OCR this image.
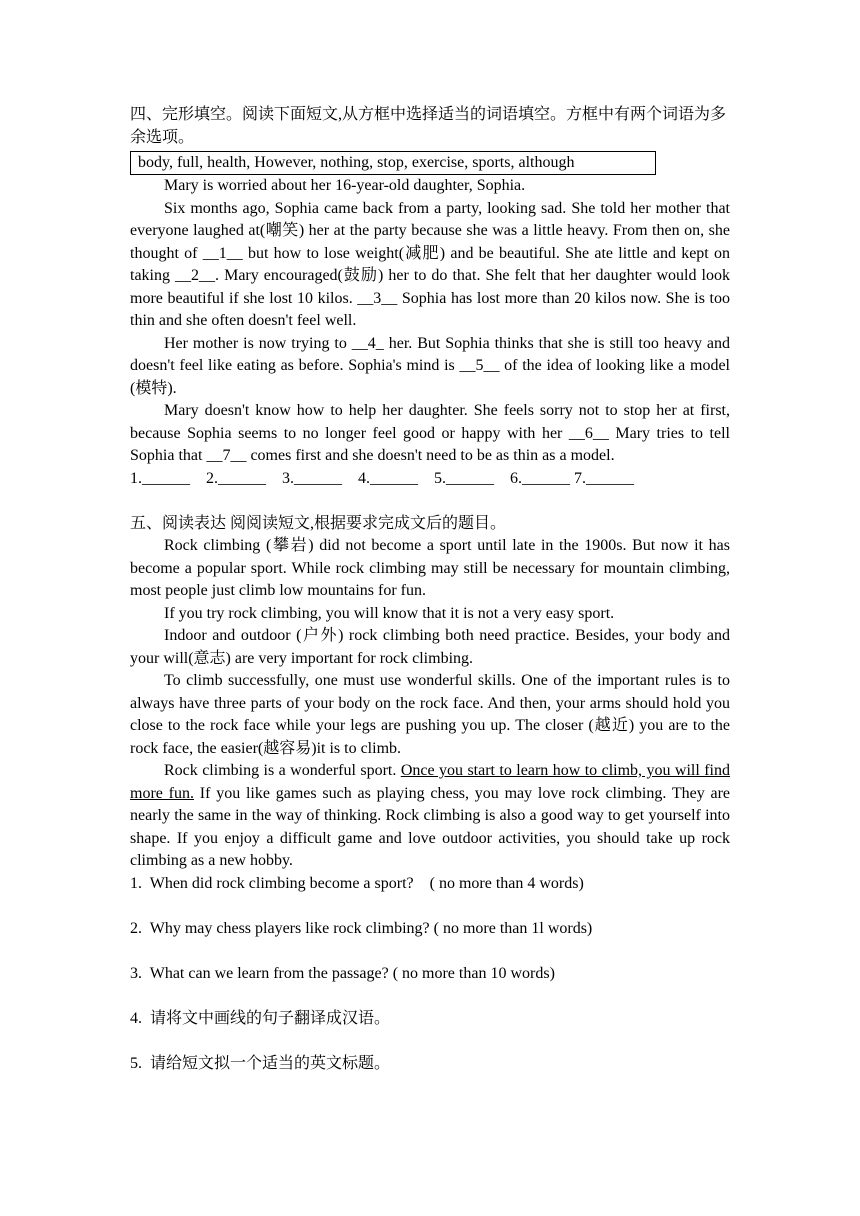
四、完形填空。阅读下面短文,从方框中选择适当的词语填空。方框中有两个词语为多余选项。

body, full, health, However, nothing, stop, exercise, sports, although

Mary is worried about her 16-year-old daughter, Sophia.

Six months ago, Sophia came back from a party, looking sad. She told her mother that everyone laughed at(嘲笑) her at the party because she was a little heavy. From then on, she thought of __1__ but how to lose weight(减肥) and be beautiful. She ate little and kept on taking __2__. Mary encouraged(鼓励) her to do that. She felt that her daughter would look more beautiful if she lost 10 kilos. __3__ Sophia has lost more than 20 kilos now. She is too thin and she often doesn't feel well.

Her mother is now trying to __4_ her. But Sophia thinks that she is still too heavy and doesn't feel like eating as before. Sophia's mind is __5__ of the idea of looking like a model (模特).

Mary doesn't know how to help her daughter. She feels sorry not to stop her at first, because Sophia seems to no longer feel good or happy with her __6__ Mary tries to tell Sophia that __7__ comes first and she doesn't need to be as thin as a model.

1.______    2.______    3.______    4.______    5.______    6.______ 7.______

五、阅读表达 阅阅读短文,根据要求完成文后的题目。

Rock climbing (攀岩) did not become a sport until late in the 1900s. But now it has become a popular sport. While rock climbing may still be necessary for mountain climbing, most people just climb low mountains for fun.

If you try rock climbing, you will know that it is not a very easy sport.

Indoor and outdoor (户外) rock climbing both need practice. Besides, your body and your will(意志) are very important for rock climbing.

To climb successfully, one must use wonderful skills. One of the important rules is to always have three parts of your body on the rock face. And then, your arms should hold you close to the rock face while your legs are pushing you up. The closer (越近) you are to the rock face, the easier(越容易)it is to climb.

Rock climbing is a wonderful sport. Once you start to learn how to climb, you will find more fun. If you like games such as playing chess, you may love rock climbing. They are nearly the same in the way of thinking. Rock climbing is also a good way to get yourself into shape. If you enjoy a difficult game and love outdoor activities, you should take up rock climbing as a new hobby.

1.  When did rock climbing become a sport?    ( no more than 4 words)

2.  Why may chess players like rock climbing? ( no more than 1l words)

3.  What can we learn from the passage? ( no more than 10 words)

4.  请将文中画线的句子翻译成汉语。

5.  请给短文拟一个适当的英文标题。
